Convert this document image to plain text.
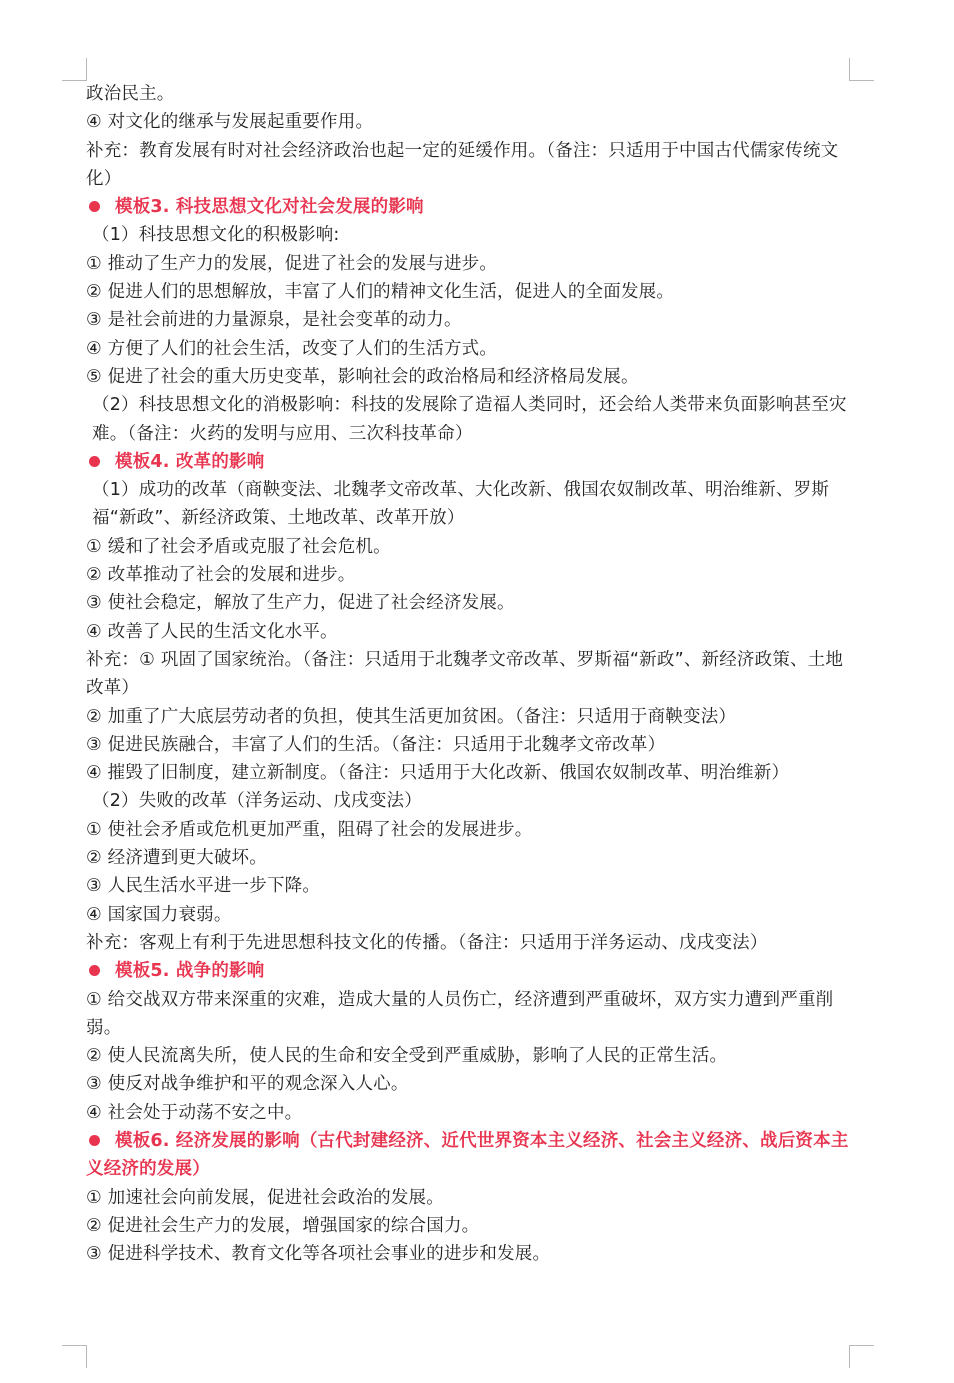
政治民主。

④ 对文化的继承与发展起重要作用。

补充：教育发展有时对社会经济政治也起一定的延缓作用。（备注：只适用于中国古代儒家传统文化）

模板3. 科技思想文化对社会发展的影响

（1）科技思想文化的积极影响:

① 推动了生产力的发展，促进了社会的发展与进步。

② 促进人们的思想解放，丰富了人们的精神文化生活，促进人的全面发展。

③ 是社会前进的力量源泉，是社会变革的动力。

④ 方便了人们的社会生活，改变了人们的生活方式。

⑤ 促进了社会的重大历史变革，影响社会的政治格局和经济格局发展。

（2）科技思想文化的消极影响：科技的发展除了造福人类同时，还会给人类带来负面影响甚至灾难。（备注：火药的发明与应用、三次科技革命）

模板4. 改革的影响

（1）成功的改革（商鞅变法、北魏孝文帝改革、大化改新、俄国农奴制改革、明治维新、罗斯福“新政”、新经济政策、土地改革、改革开放）

① 缓和了社会矛盾或克服了社会危机。

② 改革推动了社会的发展和进步。

③ 使社会稳定，解放了生产力，促进了社会经济发展。

④ 改善了人民的生活文化水平。

补充：① 巩固了国家统治。（备注：只适用于北魏孝文帝改革、罗斯福“新政”、新经济政策、土地改革）

② 加重了广大底层劳动者的负担，使其生活更加贫困。（备注：只适用于商鞅变法）

③ 促进民族融合，丰富了人们的生活。（备注：只适用于北魏孝文帝改革）

④ 摧毁了旧制度，建立新制度。（备注：只适用于大化改新、俄国农奴制改革、明治维新）

（2）失败的改革（洋务运动、戊戌变法）

① 使社会矛盾或危机更加严重，阻碍了社会的发展进步。

② 经济遭到更大破坏。

③ 人民生活水平进一步下降。

④ 国家国力衰弱。

补充：客观上有利于先进思想科技文化的传播。（备注：只适用于洋务运动、戊戌变法）

模板5. 战争的影响

① 给交战双方带来深重的灾难，造成大量的人员伤亡，经济遭到严重破坏，双方实力遭到严重削弱。

② 使人民流离失所，使人民的生命和安全受到严重威胁，影响了人民的正常生活。

③ 使反对战争维护和平的观念深入人心。

④ 社会处于动荡不安之中。

模板6. 经济发展的影响（古代封建经济、近代世界资本主义经济、社会主义经济、战后资本主义经济的发展）

① 加速社会向前发展，促进社会政治的发展。

② 促进社会生产力的发展，增强国家的综合国力。

③ 促进科学技术、教育文化等各项社会事业的进步和发展。
